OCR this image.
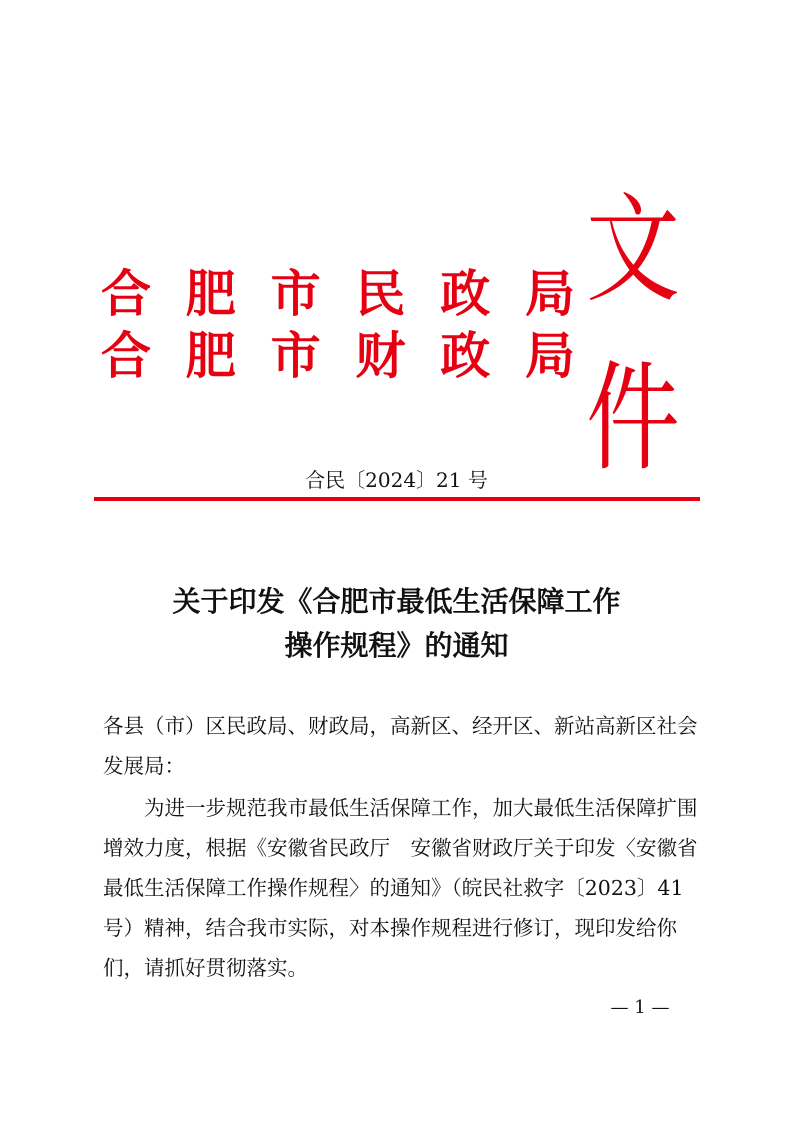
合 肥 市 民 政 局
合 肥 市 财 政 局
文件
合民〔2024〕21 号
关于印发《合肥市最低生活保障工作
操作规程》的通知
各县（市）区民政局、财政局，高新区、经开区、新站高新区社会发展局：
为进一步规范我市最低生活保障工作，加大最低生活保障扩围增效力度，根据《安徽省民政厅　安徽省财政厅关于印发〈安徽省最低生活保障工作操作规程〉的通知》（皖民社救字〔2023〕41 号）精神，结合我市实际，对本操作规程进行修订，现印发给你们，请抓好贯彻落实。
— 1 —
